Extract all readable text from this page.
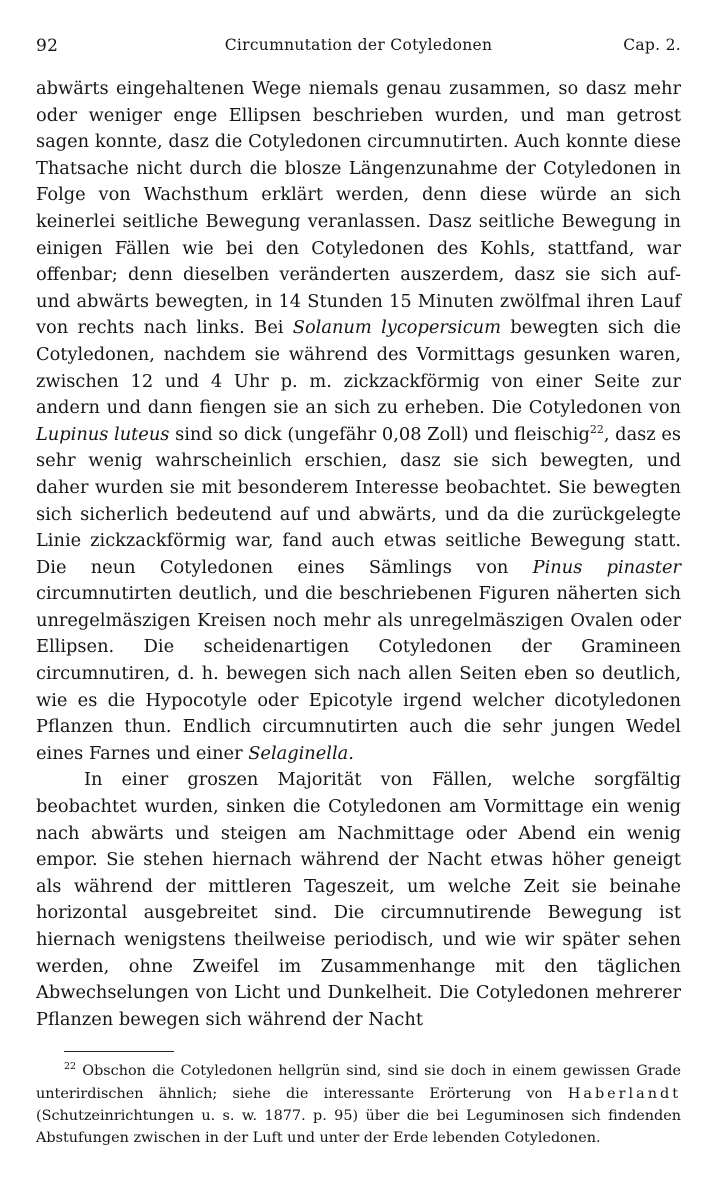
92	Circumnutation der Cotyledonen	Cap. 2.

abwärts eingehaltenen Wege niemals genau zusammen, so dasz mehr oder weniger enge Ellipsen beschrieben wurden, und man getrost sagen konnte, dasz die Cotyledonen circumnutirten. Auch konnte diese Thatsache nicht durch die blosze Längenzunahme der Cotyledonen in Folge von Wachsthum erklärt werden, denn diese würde an sich keinerlei seitliche Bewegung veranlassen. Dasz seitliche Bewegung in einigen Fällen wie bei den Cotyledonen des Kohls, stattfand, war offenbar; denn dieselben veränderten auszerdem, dasz sie sich auf- und abwärts bewegten, in 14 Stunden 15 Minuten zwölfmal ihren Lauf von rechts nach links. Bei Solanum lycopersicum bewegten sich die Cotyledonen, nachdem sie während des Vormittags gesunken waren, zwischen 12 und 4 Uhr p. m. zickzackförmig von einer Seite zur andern und dann fiengen sie an sich zu erheben. Die Cotyledonen von Lupinus luteus sind so dick (ungefähr 0,08 Zoll) und fleischig$^{22}$, dasz es sehr wenig wahrscheinlich erschien, dasz sie sich bewegten, und daher wurden sie mit besonderem Interesse beobachtet. Sie bewegten sich sicherlich bedeutend auf und abwärts, und da die zurückgelegte Linie zickzackförmig war, fand auch etwas seitliche Bewegung statt. Die neun Cotyledonen eines Sämlings von Pinus pinaster circumnutirten deutlich, und die beschriebenen Figuren näherten sich unregelmäszigen Kreisen noch mehr als unregelmäszigen Ovalen oder Ellipsen. Die scheidenartigen Cotyledonen der Gramineen circumnutiren, d. h. bewegen sich nach allen Seiten eben so deutlich, wie es die Hypocotyle oder Epicotyle irgend welcher dicotyledonen Pflanzen thun. Endlich circumnutirten auch die sehr jungen Wedel eines Farnes und einer Selaginella.

In einer groszen Majorität von Fällen, welche sorgfältig beobachtet wurden, sinken die Cotyledonen am Vormittage ein wenig nach abwärts und steigen am Nachmittage oder Abend ein wenig empor. Sie stehen hiernach während der Nacht etwas höher geneigt als während der mittleren Tageszeit, um welche Zeit sie beinahe horizontal ausgebreitet sind. Die circumnutirende Bewegung ist hiernach wenigstens theilweise periodisch, und wie wir später sehen werden, ohne Zweifel im Zusammenhange mit den täglichen Abwechselungen von Licht und Dunkelheit. Die Cotyledonen mehrerer Pflanzen bewegen sich während der Nacht

$^{22}$ Obschon die Cotyledonen hellgrün sind, sind sie doch in einem gewissen Grade unterirdischen ähnlich; siehe die interessante Erörterung von Haberlandt (Schutzeinrichtungen u. s. w. 1877. p. 95) über die bei Leguminosen sich findenden Abstufungen zwischen in der Luft und unter der Erde lebenden Cotyledonen.
